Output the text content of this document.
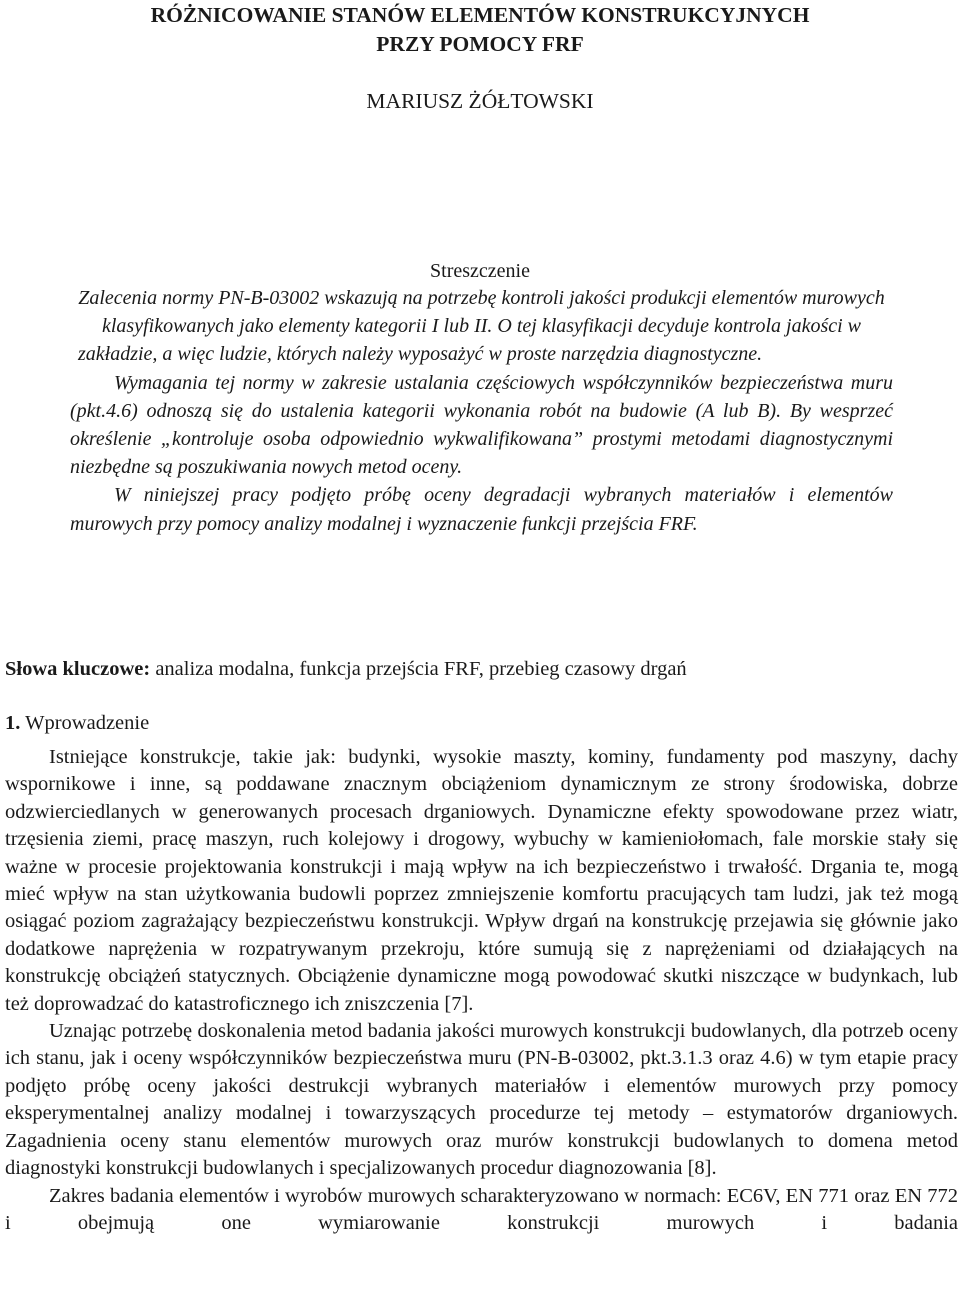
RÓŻNICOWANIE STANÓW ELEMENTÓW KONSTRUKCYJNYCH
PRZY POMOCY FRF
MARIUSZ ŻÓŁTOWSKI
Streszczenie

Zalecenia normy PN-B-03002 wskazują na potrzebę kontroli jakości produkcji elementów murowych klasyfikowanych jako elementy kategorii I lub II. O tej klasyfikacji decyduje kontrola jakości w zakładzie, a więc ludzie, których należy wyposażyć w proste narzędzia diagnostyczne.

Wymagania tej normy w zakresie ustalania częściowych współczynników bezpieczeństwa muru (pkt.4.6) odnoszą się do ustalenia kategorii wykonania robót na budowie (A lub B). By wesprzeć określenie „kontroluje osoba odpowiednio wykwalifikowana” prostymi metodami diagnostycznymi niezbędne są poszukiwania nowych metod oceny.

W niniejszej pracy podjęto próbę oceny degradacji wybranych materiałów i elementów murowych przy pomocy analizy modalnej i wyznaczenie funkcji przejścia FRF.

Słowa kluczowe: analiza modalna, funkcja przejścia FRF, przebieg czasowy drgań
1. Wprowadzenie

Istniejące konstrukcje, takie jak: budynki, wysokie maszty, kominy, fundamenty pod maszyny, dachy wspornikowe i inne, są poddawane znacznym obciążeniom dynamicznym ze strony środowiska, dobrze odzwierciedlanych w generowanych procesach drganiowych. Dynamiczne efekty spowodowane przez wiatr, trzęsienia ziemi, pracę maszyn, ruch kolejowy i drogowy, wybuchy w kamieniołomach, fale morskie stały się ważne w procesie projektowania konstrukcji i mają wpływ na ich bezpieczeństwo i trwałość. Drgania te, mogą mieć wpływ na stan użytkowania budowli poprzez zmniejszenie komfortu pracujących tam ludzi, jak też mogą osiągać poziom zagrażający bezpieczeństwu konstrukcji. Wpływ drgań na konstrukcję przejawia się głównie jako dodatkowe naprężenia w rozpatrywanym przekroju, które sumują się z naprężeniami od działających na konstrukcję obciążeń statycznych. Obciążenie dynamiczne mogą powodować skutki niszczące w budynkach, lub też doprowadzać do katastroficznego ich zniszczenia [7].

Uznając potrzebę doskonalenia metod badania jakości murowych konstrukcji budowlanych, dla potrzeb oceny ich stanu, jak i oceny współczynników bezpieczeństwa muru (PN-B-03002, pkt.3.1.3 oraz 4.6) w tym etapie pracy podjęto próbę oceny jakości destrukcji wybranych materiałów i elementów murowych przy pomocy eksperymentalnej analizy modalnej i towarzyszących procedurze tej metody – estymatorów drganiowych. Zagadnienia oceny stanu elementów murowych oraz murów konstrukcji budowlanych to domena metod diagnostyki konstrukcji budowlanych i specjalizowanych procedur diagnozowania [8].

Zakres badania elementów i wyrobów murowych scharakteryzowano w normach: EC6V, EN 771 oraz EN 772 i obejmują one wymiarowanie konstrukcji murowych i badania
